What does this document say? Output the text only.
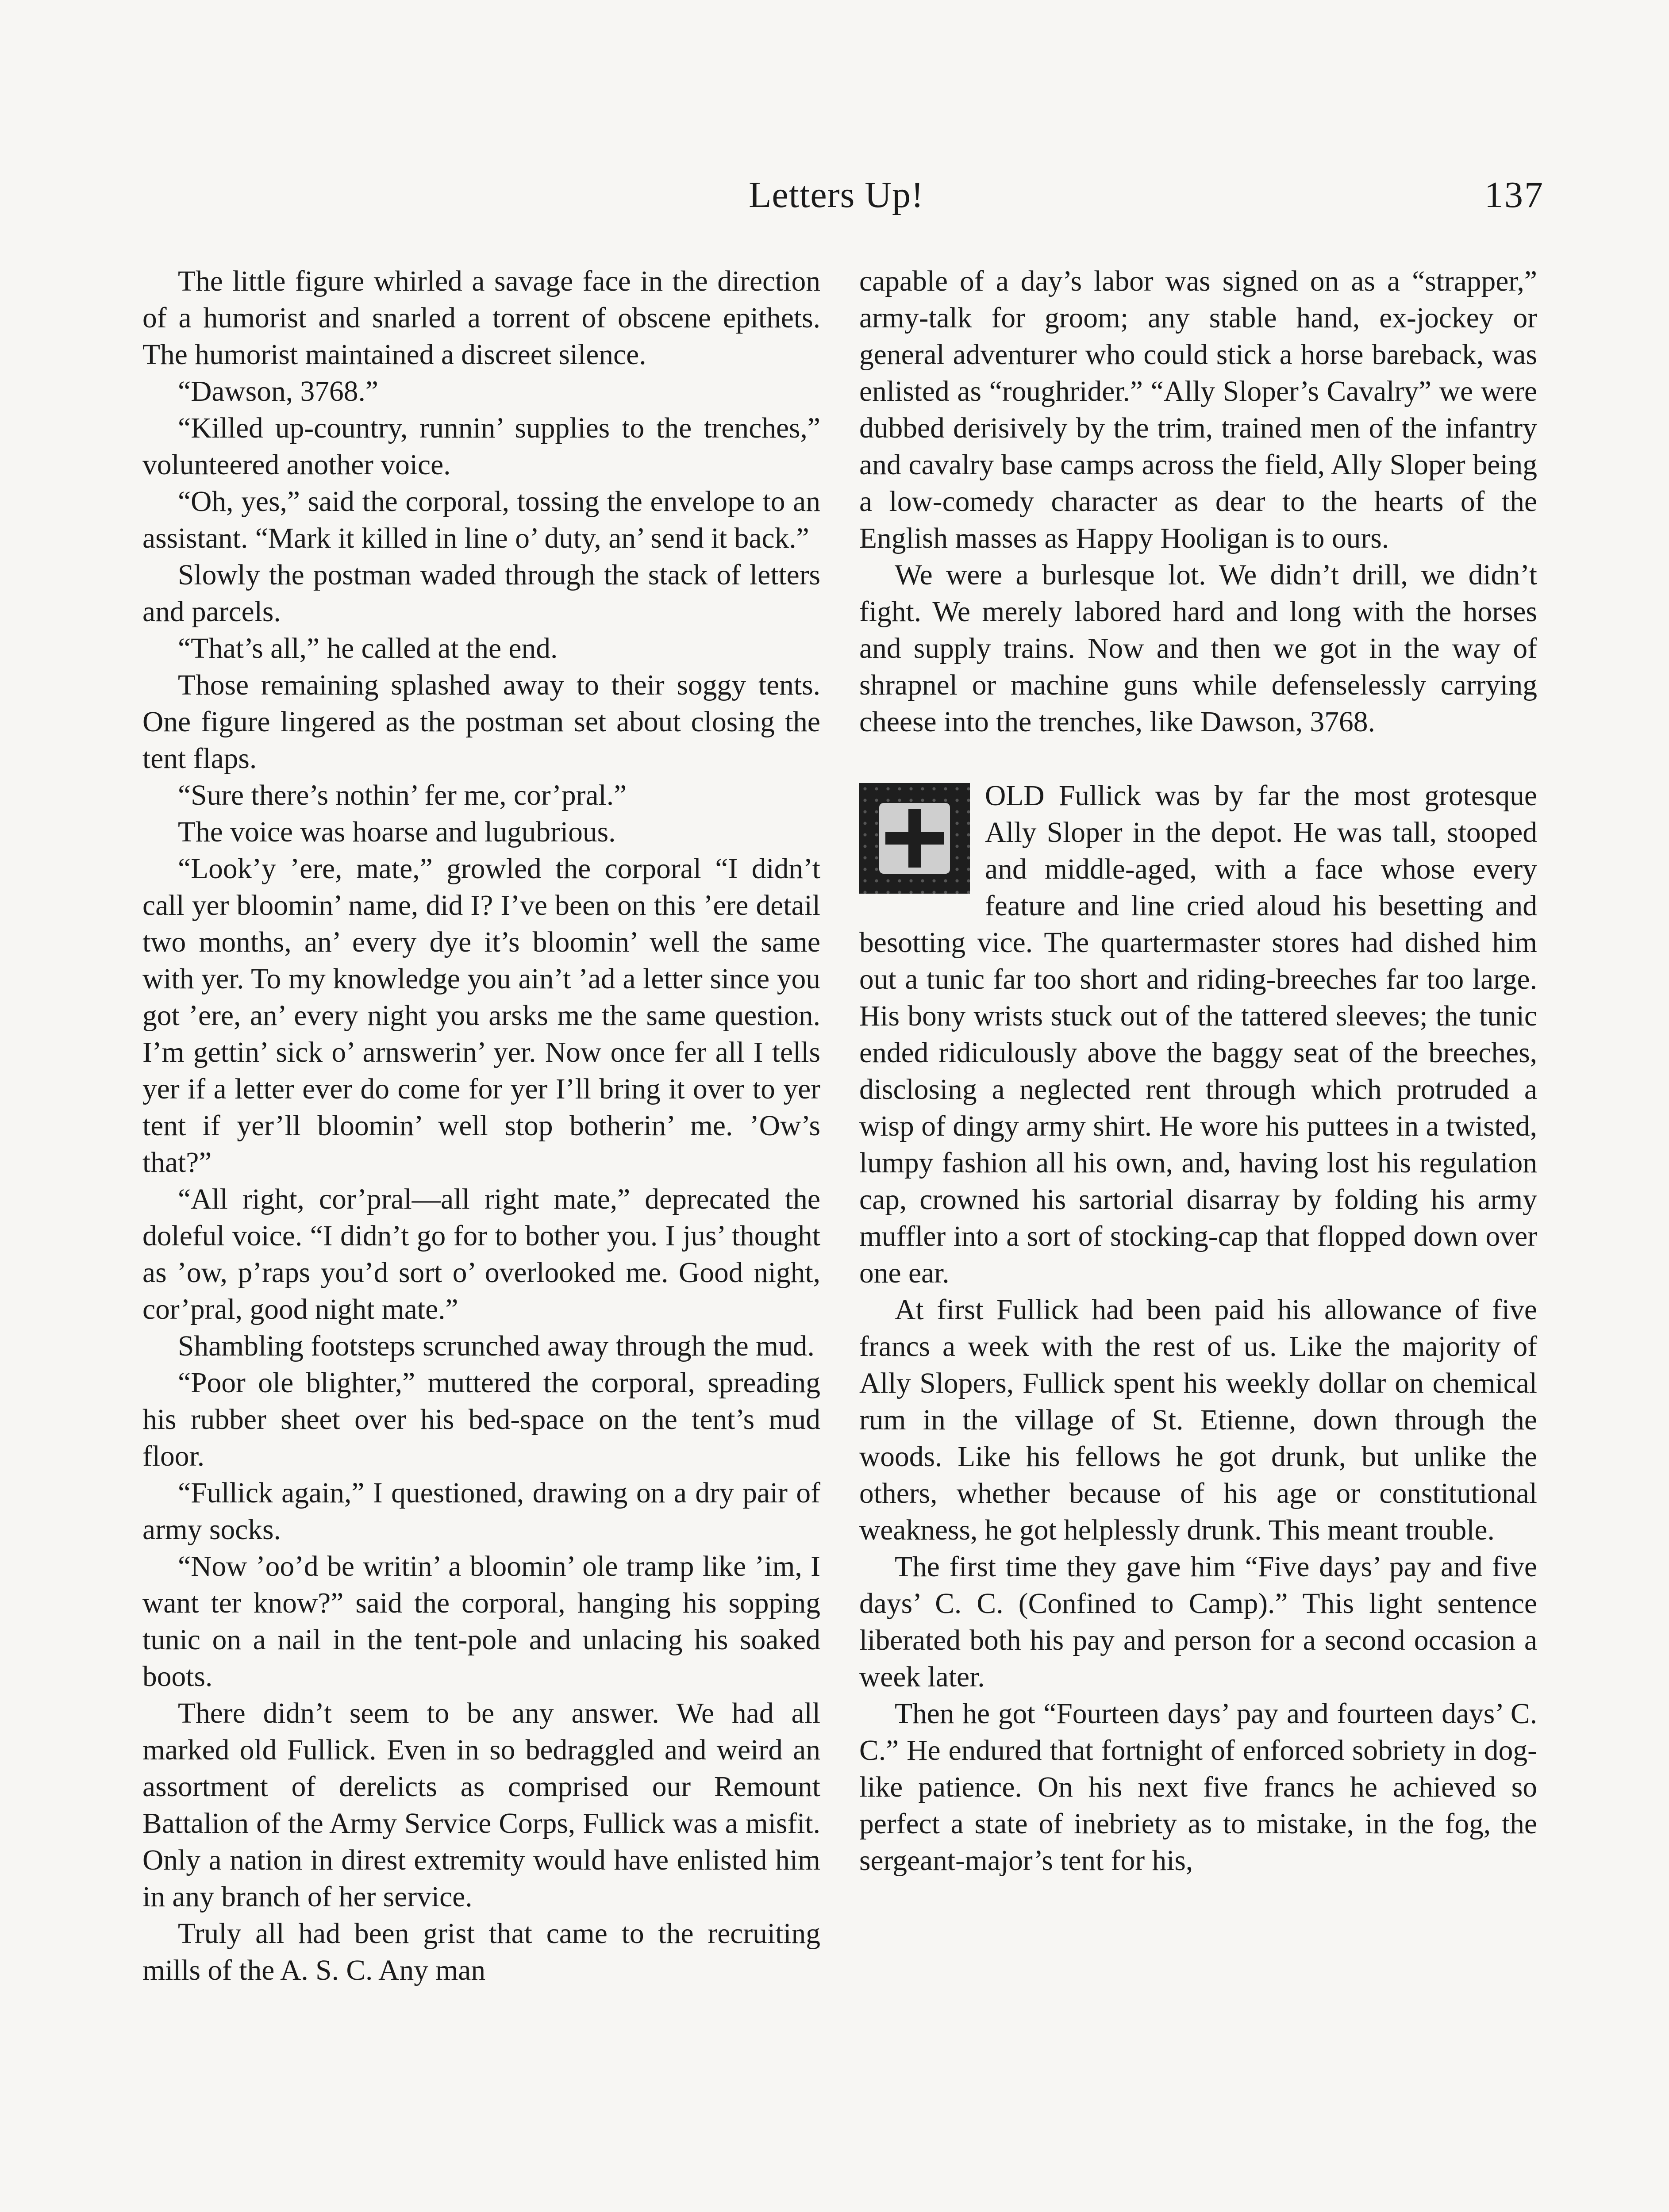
Letters Up!	137

The little figure whirled a savage face in the direction of a humorist and snarled a torrent of obscene epithets. The humorist maintained a discreet silence.

“Dawson, 3768.”

“Killed up-country, runnin’ supplies to the trenches,” volunteered another voice.

“Oh, yes,” said the corporal, tossing the envelope to an assistant. “Mark it killed in line o’ duty, an’ send it back.”

Slowly the postman waded through the stack of letters and parcels.

“That’s all,” he called at the end.

Those remaining splashed away to their soggy tents. One figure lingered as the postman set about closing the tent flaps.

“Sure there’s nothin’ fer me, cor’pral.”

The voice was hoarse and lugubrious.

“Look’y ’ere, mate,” growled the corporal “I didn’t call yer bloomin’ name, did I? I’ve been on this ’ere detail two months, an’ every dye it’s bloomin’ well the same with yer. To my knowledge you ain’t ’ad a letter since you got ’ere, an’ every night you arsks me the same question. I’m gettin’ sick o’ arnswerin’ yer. Now once fer all I tells yer if a letter ever do come for yer I’ll bring it over to yer tent if yer’ll bloomin’ well stop botherin’ me. ’Ow’s that?”

“All right, cor’pral—all right mate,” deprecated the doleful voice. “I didn’t go for to bother you. I jus’ thought as ’ow, p’raps you’d sort o’ overlooked me. Good night, cor’pral, good night mate.”

Shambling footsteps scrunched away through the mud.

“Poor ole blighter,” muttered the corporal, spreading his rubber sheet over his bed-space on the tent’s mud floor.

“Fullick again,” I questioned, drawing on a dry pair of army socks.

“Now ’oo’d be writin’ a bloomin’ ole tramp like ’im, I want ter know?” said the corporal, hanging his sopping tunic on a nail in the tent-pole and unlacing his soaked boots.

There didn’t seem to be any answer. We had all marked old Fullick. Even in so bedraggled and weird an assortment of derelicts as comprised our Remount Battalion of the Army Service Corps, Fullick was a misfit. Only a nation in direst extremity would have enlisted him in any branch of her service.

Truly all had been grist that came to the recruiting mills of the A. S. C. Any man

capable of a day’s labor was signed on as a “strapper,” army-talk for groom; any stable hand, ex-jockey or general adventurer who could stick a horse bareback, was enlisted as “roughrider.” “Ally Sloper’s Cavalry” we were dubbed derisively by the trim, trained men of the infantry and cavalry base camps across the field, Ally Sloper being a low-comedy character as dear to the hearts of the English masses as Happy Hooligan is to ours.

We were a burlesque lot. We didn’t drill, we didn’t fight. We merely labored hard and long with the horses and supply trains. Now and then we got in the way of shrapnel or machine guns while defenselessly carrying cheese into the trenches, like Dawson, 3768.

OLD Fullick was by far the most grotesque Ally Sloper in the depot. He was tall, stooped and middle-aged, with a face whose every feature and line cried aloud his besetting and besotting vice. The quartermaster stores had dished him out a tunic far too short and riding-breeches far too large. His bony wrists stuck out of the tattered sleeves; the tunic ended ridiculously above the baggy seat of the breeches, disclosing a neglected rent through which protruded a wisp of dingy army shirt. He wore his puttees in a twisted, lumpy fashion all his own, and, having lost his regulation cap, crowned his sartorial disarray by folding his army muffler into a sort of stocking-cap that flopped down over one ear.

At first Fullick had been paid his allowance of five francs a week with the rest of us. Like the majority of Ally Slopers, Fullick spent his weekly dollar on chemical rum in the village of St. Etienne, down through the woods. Like his fellows he got drunk, but unlike the others, whether because of his age or constitutional weakness, he got helplessly drunk. This meant trouble.

The first time they gave him “Five days’ pay and five days’ C. C. (Confined to Camp).” This light sentence liberated both his pay and person for a second occasion a week later.

Then he got “Fourteen days’ pay and fourteen days’ C. C.” He endured that fortnight of enforced sobriety in dog-like patience. On his next five francs he achieved so perfect a state of inebriety as to mistake, in the fog, the sergeant-major’s tent for his,
